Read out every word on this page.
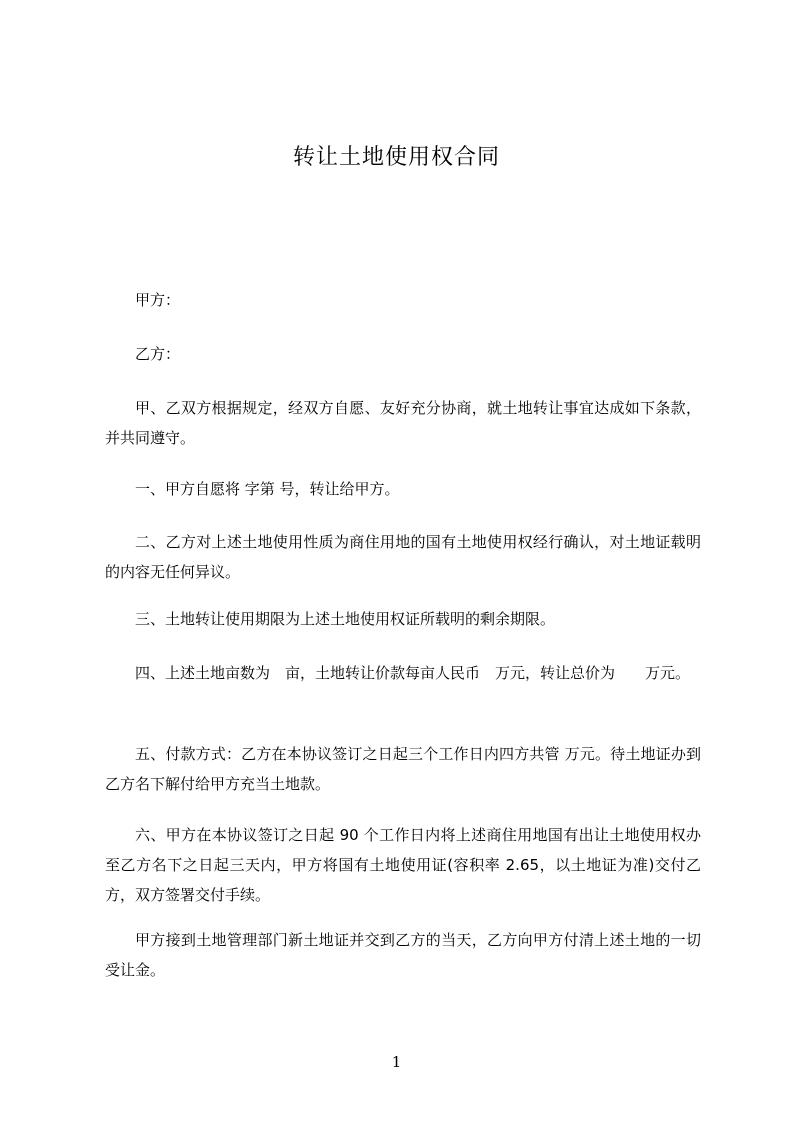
转让土地使用权合同
甲方：
乙方：
甲、乙双方根据规定，经双方自愿、友好充分协商，就土地转让事宜达成如下条款，并共同遵守。
一、甲方自愿将 字第 号，转让给甲方。
二、乙方对上述土地使用性质为商住用地的国有土地使用权经行确认，对土地证载明的内容无任何异议。
三、土地转让使用期限为上述土地使用权证所载明的剩余期限。
四、上述土地亩数为　亩，土地转让价款每亩人民币　万元，转让总价为　　万元。
五、付款方式：乙方在本协议签订之日起三个工作日内四方共管 万元。待土地证办到乙方名下解付给甲方充当土地款。
六、甲方在本协议签订之日起 90 个工作日内将上述商住用地国有出让土地使用权办至乙方名下之日起三天内，甲方将国有土地使用证(容积率 2.65，以土地证为准)交付乙方，双方签署交付手续。
甲方接到土地管理部门新土地证并交到乙方的当天，乙方向甲方付清上述土地的一切受让金。
1
